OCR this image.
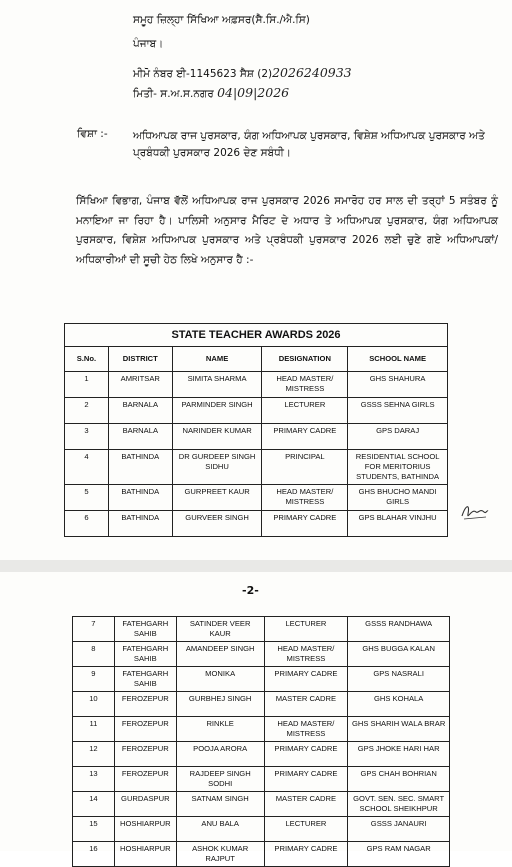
ਸਮੂਹ ਜ਼ਿਲ੍ਹਾ ਸਿੱਖਿਆ ਅਫ਼ਸਰ(ਸੈ.ਸਿ./ਐ.ਸਿ)
ਪੰਜਾਬ।
ਮੀਮੋ ਨੰਬਰ ਈ-1145623 ਸੈਸ਼ (2)2026240933
ਮਿਤੀ- ਸ.ਅ.ਸ.ਨਗਰ 04|09|2026
ਵਿਸ਼ਾ :- ਅਧਿਆਪਕ ਰਾਜ ਪੁਰਸਕਾਰ, ਯੰਗ ਅਧਿਆਪਕ ਪੁਰਸਕਾਰ, ਵਿਸ਼ੇਸ਼ ਅਧਿਆਪਕ ਪੁਰਸਕਾਰ ਅਤੇ ਪ੍ਰਬੰਧਕੀ ਪੁਰਸਕਾਰ 2026 ਦੇਣ ਸਬੰਧੀ।
ਸਿੱਖਿਆ ਵਿਭਾਗ, ਪੰਜਾਬ ਵੱਲੋਂ ਅਧਿਆਪਕ ਰਾਜ ਪੁਰਸਕਾਰ 2026 ਸਮਾਰੋਹ ਹਰ ਸਾਲ ਦੀ ਤਰ੍ਹਾਂ 5 ਸਤੰਬਰ ਨੂੰ ਮਨਾਇਆ ਜਾ ਰਿਹਾ ਹੈ। ਪਾਲਿਸੀ ਅਨੁਸਾਰ ਮੈਰਿਟ ਦੇ ਅਧਾਰ ਤੇ ਅਧਿਆਪਕ ਪੁਰਸਕਾਰ, ਯੰਗ ਅਧਿਆਪਕ ਪੁਰਸਕਾਰ, ਵਿਸ਼ੇਸ਼ ਅਧਿਆਪਕ ਪੁਰਸਕਾਰ ਅਤੇ ਪ੍ਰਬੰਧਕੀ ਪੁਰਸਕਾਰ 2026 ਲਈ ਚੁਣੇ ਗਏ ਅਧਿਆਪਕਾਂ/ਅਧਿਕਾਰੀਆਂ ਦੀ ਸੂਚੀ ਹੇਠ ਲਿਖੇ ਅਨੁਸਾਰ ਹੈ :-
STATE TEACHER AWARDS 2026				
S.No.	DISTRICT	NAME	DESIGNATION	SCHOOL NAME
1	AMRITSAR	SIMITA SHARMA	HEAD MASTER/ MISTRESS	GHS SHAHURA
2	BARNALA	PARMINDER SINGH	LECTURER	GSSS SEHNA GIRLS
3	BARNALA	NARINDER KUMAR	PRIMARY CADRE	GPS DARAJ
4	BATHINDA	DR GURDEEP SINGH SIDHU	PRINCIPAL	RESIDENTIAL SCHOOL FOR MERITORIUS STUDENTS, BATHINDA
5	BATHINDA	GURPREET KAUR	HEAD MASTER/ MISTRESS	GHS BHUCHO MANDI GIRLS
6	BATHINDA	GURVEER SINGH	PRIMARY CADRE	GPS BLAHAR VINJHU
-2-
7	FATEHGARH SAHIB	SATINDER VEER KAUR	LECTURER	GSSS RANDHAWA
8	FATEHGARH SAHIB	AMANDEEP SINGH	HEAD MASTER/ MISTRESS	GHS BUGGA KALAN
9	FATEHGARH SAHIB	MONIKA	PRIMARY CADRE	GPS NASRALI
10	FEROZEPUR	GURBHEJ SINGH	MASTER CADRE	GHS KOHALA
11	FEROZEPUR	RINKLE	HEAD MASTER/ MISTRESS	GHS SHARIH WALA BRAR
12	FEROZEPUR	POOJA ARORA	PRIMARY CADRE	GPS JHOKE HARI HAR
13	FEROZEPUR	RAJDEEP SINGH SODHI	PRIMARY CADRE	GPS CHAH BOHRIAN
14	GURDASPUR	SATNAM SINGH	MASTER CADRE	GOVT. SEN. SEC. SMART SCHOOL SHEIKHPUR
15	HOSHIARPUR	ANU BALA	LECTURER	GSSS JANAURI
16	HOSHIARPUR	ASHOK KUMAR RAJPUT	PRIMARY CADRE	GPS RAM NAGAR
